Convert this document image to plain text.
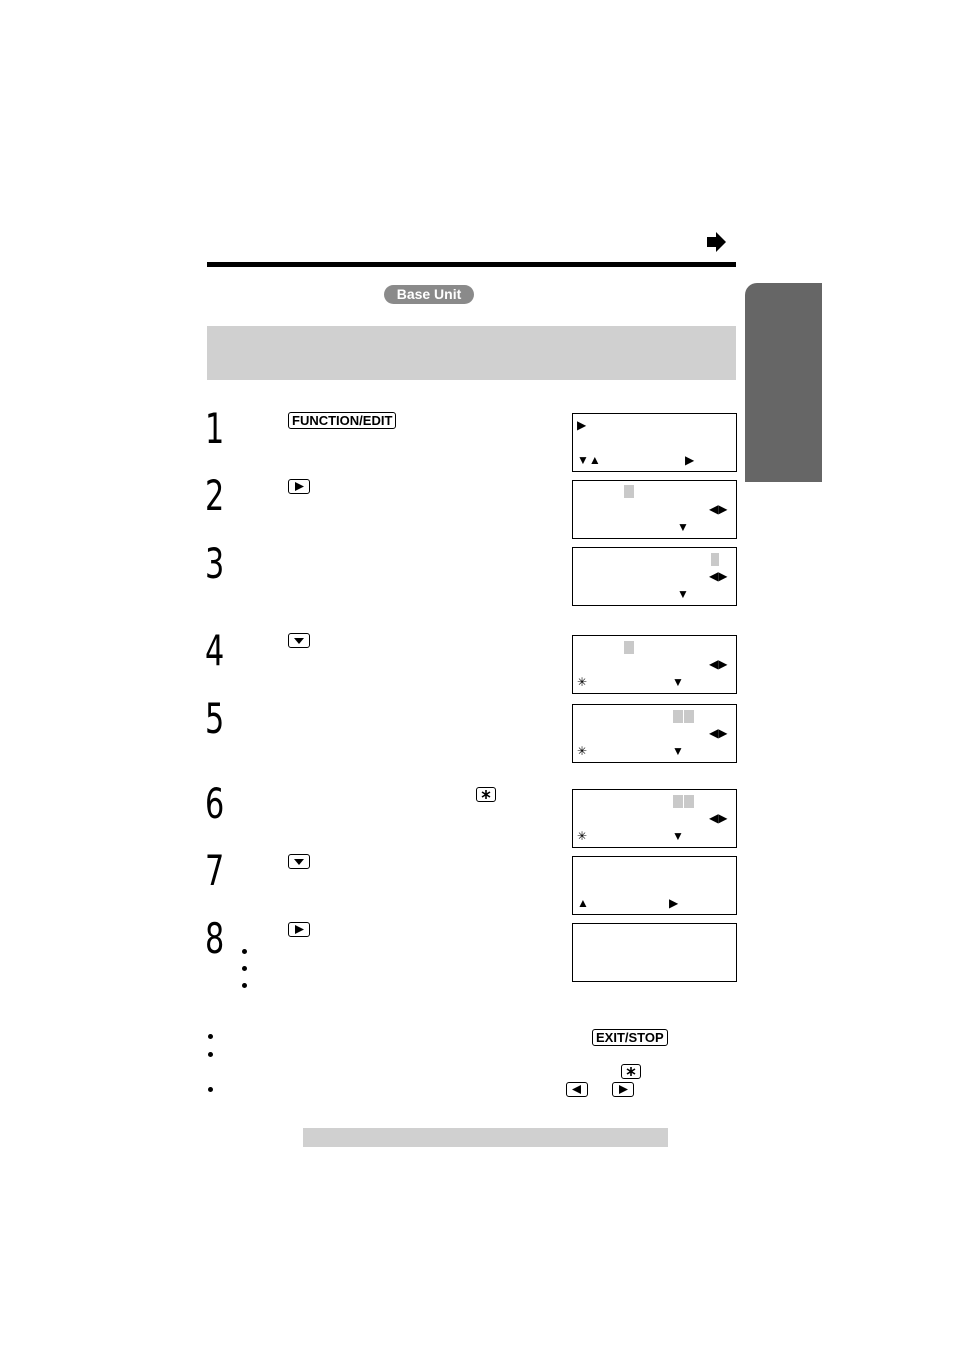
Base Unit
1
2
3
4
5
6
7
8
FUNCTION/EDIT	▶
▼▲	▶
◀▶
▼
◀▶
▼
◀▶
✳	▼
◀▶
✳	▼
◀▶
✳	▼
▲	▶
EXIT/STOP
